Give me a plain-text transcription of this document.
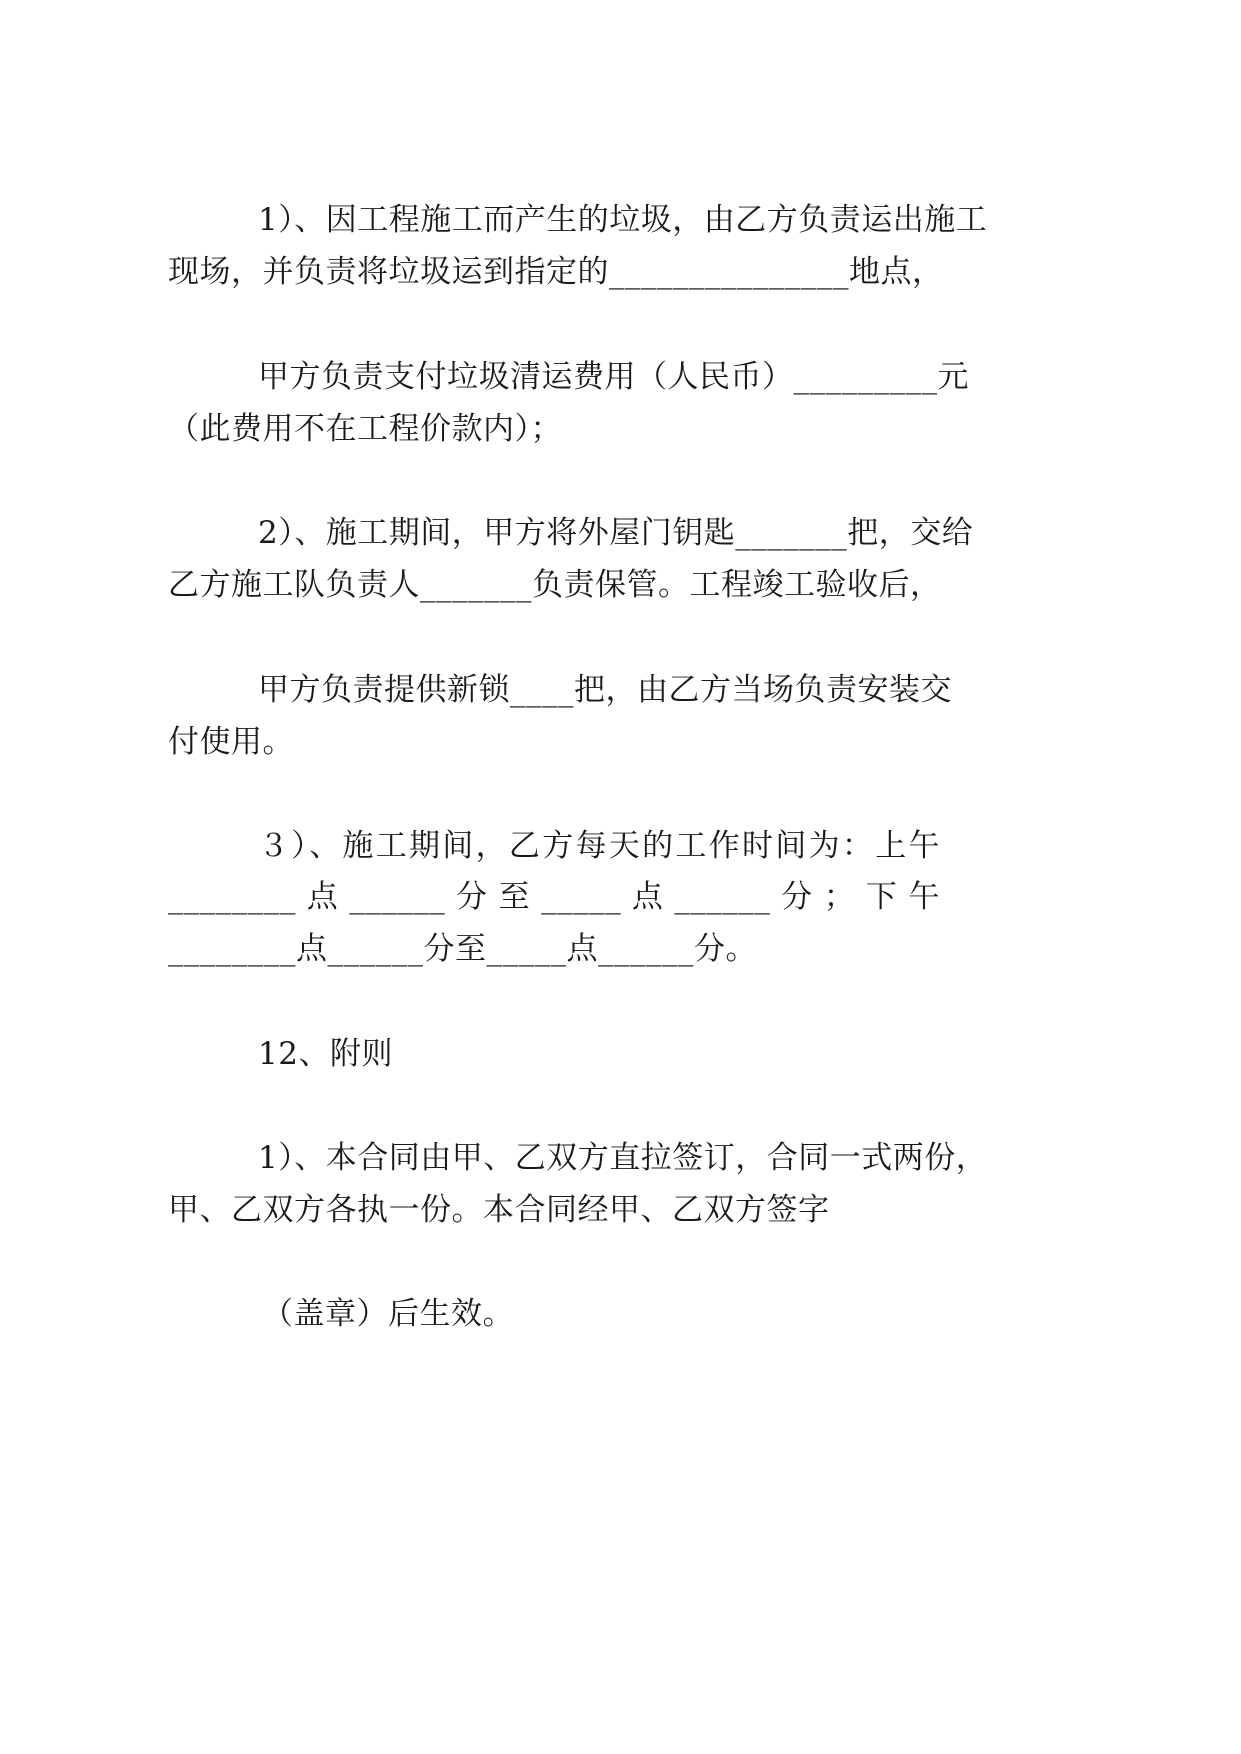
1）、因工程施工而产生的垃圾，由乙方负责运出施工
现场，并负责将垃圾运到指定的_______________地点，
甲方负责支付垃圾清运费用（人民币）_________元
（此费用不在工程价款内）；
2）、施工期间，甲方将外屋门钥匙_______把，交给
乙方施工队负责人_______负责保管。工程竣工验收后，
甲方负责提供新锁____把，由乙方当场负责安装交
付使用。
３）、施工期间，乙方每天的工作时间为：上午
________ 点 ______ 分 至 _____ 点 ______ 分 ； 下 午
________点______分至_____点______分。
12、附则
1）、本合同由甲、乙双方直拉签订，合同一式两份，
甲、乙双方各执一份。本合同经甲、乙双方签字
（盖章）后生效。
